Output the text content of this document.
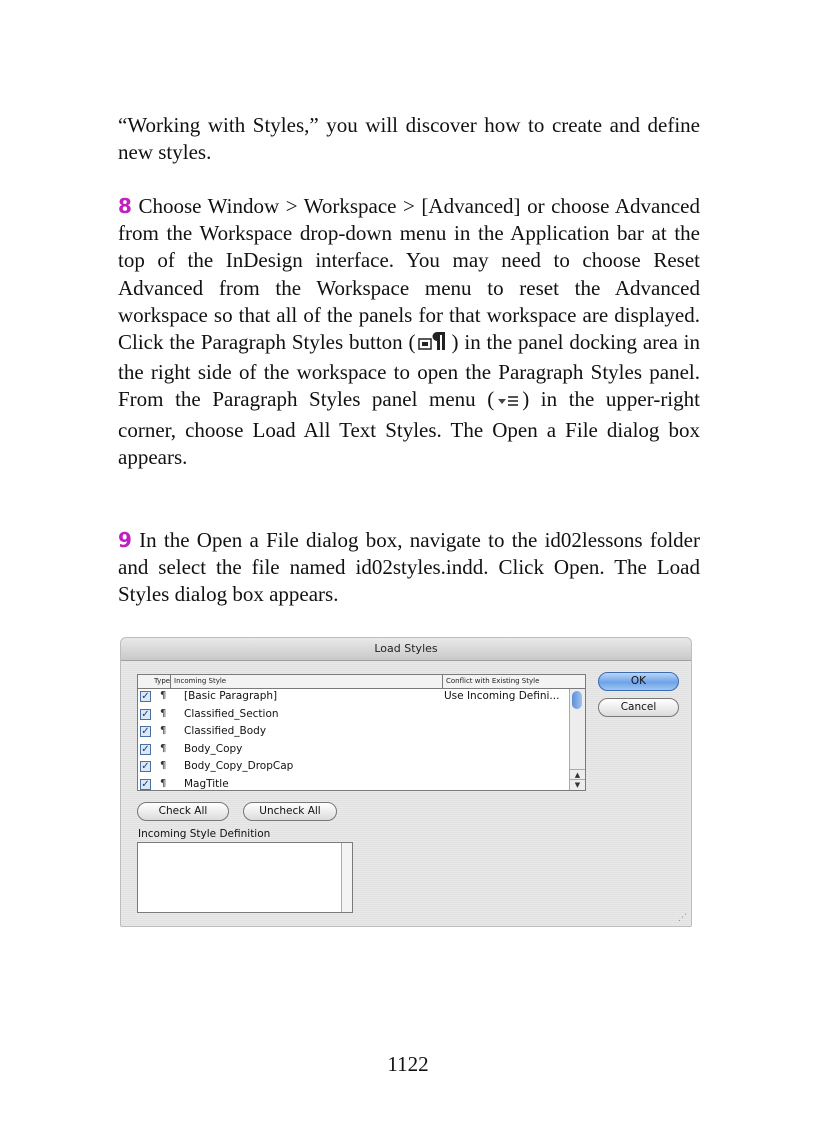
“Working with Styles,” you will discover how to create and define new styles.

8 Choose Window > Workspace > [Advanced] or choose Advanced from the Workspace drop-down menu in the Application bar at the top of the InDesign interface. You may need to choose Reset Advanced from the Workspace menu to reset the Advanced workspace so that all of the panels for that workspace are displayed. Click the Paragraph Styles button ( ) in the panel docking area in the right side of the workspace to open the Paragraph Styles panel. From the Paragraph Styles panel menu ( ) in the upper-right corner, choose Load All Text Styles. The Open a File dialog box appears.

9 In the Open a File dialog box, navigate to the id02lessons folder and select the file named id02styles.indd. Click Open. The Load Styles dialog box appears.

Load Styles
Type Incoming Style	Conflict with Existing Style
✓ ¶ [Basic Paragraph]	Use Incoming Defini...
✓ ¶ Classified_Section
✓ ¶ Classified_Body
✓ ¶ Body_Copy
✓ ¶ Body_Copy_DropCap
✓ ¶ MagTitle
▲
▼
OK
Cancel
Check All	Uncheck All
Incoming Style Definition
⋰
1122
